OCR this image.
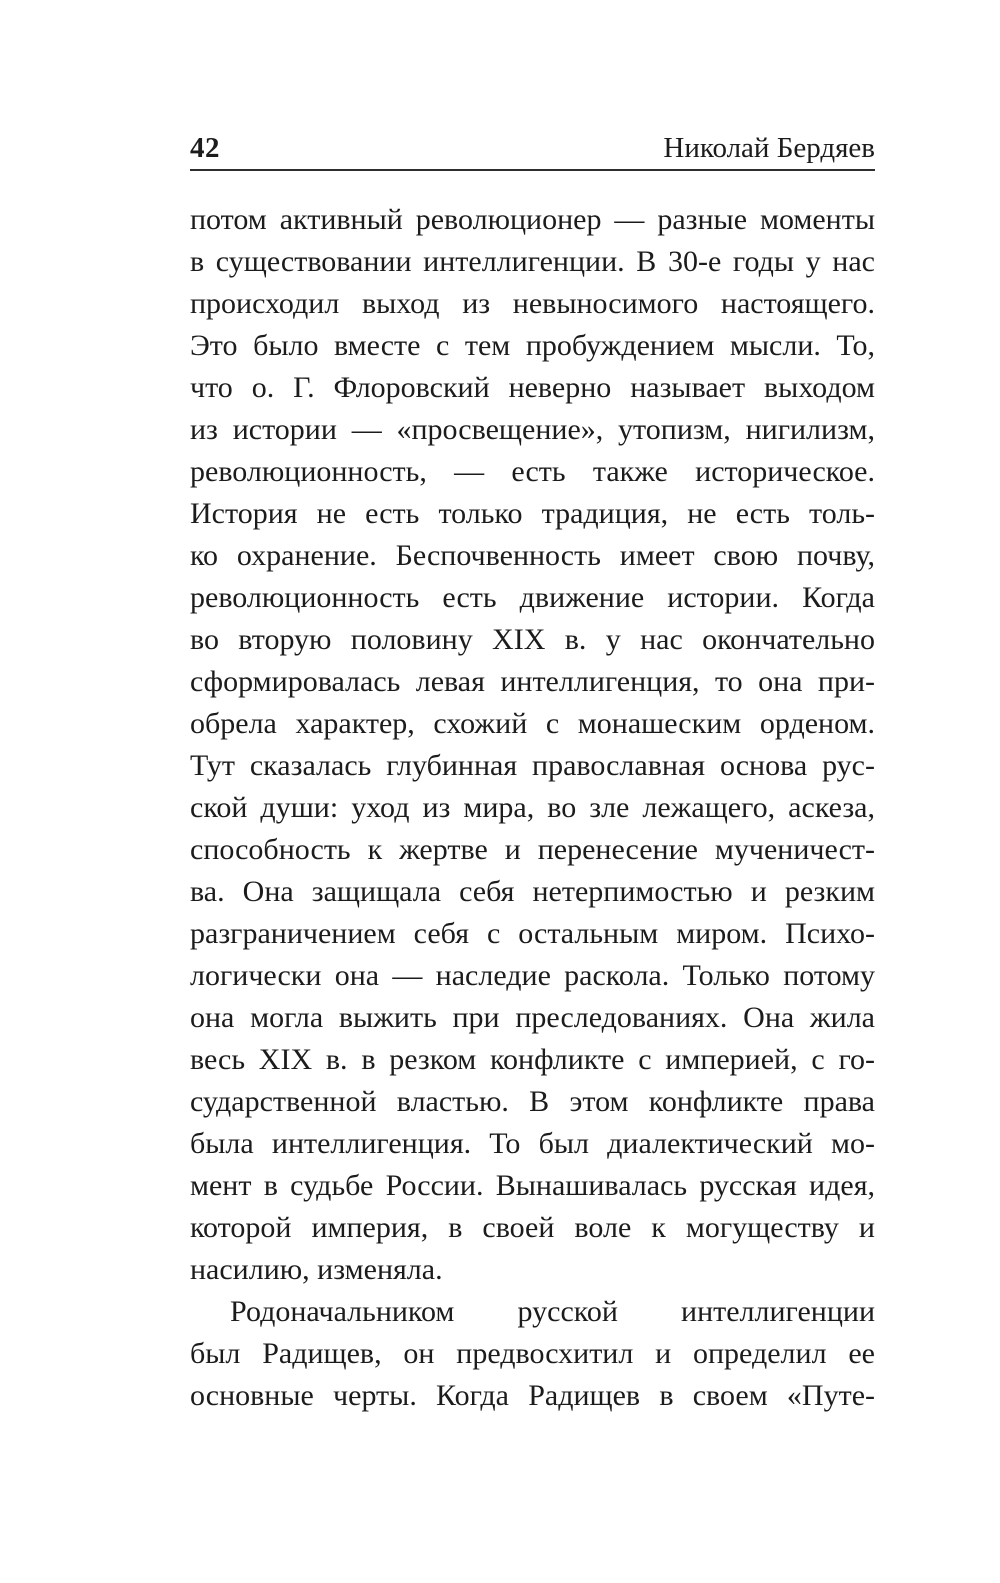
42	Николай Бердяев
потом активный революционер — разные моменты
в существовании интеллигенции. В 30-е годы у нас
происходил выход из невыносимого настоящего.
Это было вместе с тем пробуждением мысли. То,
что о. Г. Флоровский неверно называет выходом
из истории — «просвещение», утопизм, нигилизм,
революционность, — есть также историческое.
История не есть только традиция, не есть толь-
ко охранение. Беспочвенность имеет свою почву,
революционность есть движение истории. Когда
во вторую половину XIX в. у нас окончательно
сформировалась левая интеллигенция, то она при-
обрела характер, схожий с монашеским орденом.
Тут сказалась глубинная православная основа рус-
ской души: уход из мира, во зле лежащего, аскеза,
способность к жертве и перенесение мученичест-
ва. Она защищала себя нетерпимостью и резким
разграничением себя с остальным миром. Психо-
логически она — наследие раскола. Только потому
она могла выжить при преследованиях. Она жила
весь XIX в. в резком конфликте с империей, с го-
сударственной властью. В этом конфликте права
была интеллигенция. То был диалектический мо-
мент в судьбе России. Вынашивалась русская идея,
которой империя, в своей воле к могуществу и
насилию, изменяла.
Родоначальником русской интеллигенции
был Радищев, он предвосхитил и определил ее
основные черты. Когда Радищев в своем «Путе-
